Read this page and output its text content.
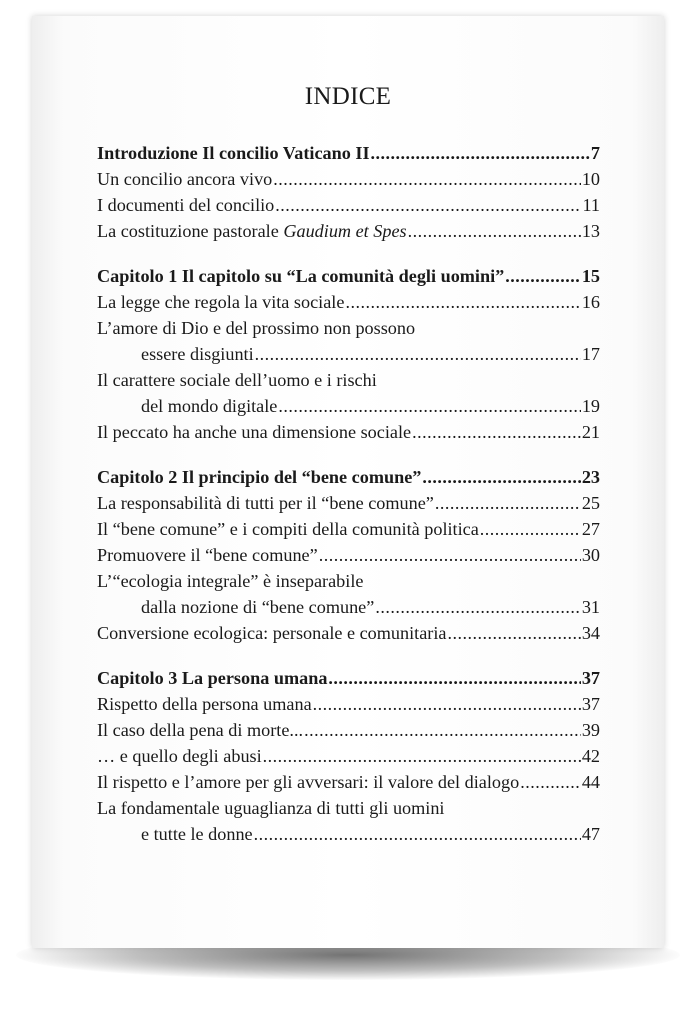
INDICE
Introduzione Il concilio Vaticano II .....	7
Un concilio ancora vivo .....	10
I documenti del concilio .....	11
La costituzione pastorale Gaudium et Spes .....	13
Capitolo 1 Il capitolo su “La comunità degli uomini” .....	15
La legge che regola la vita sociale .....	16
L’amore di Dio e del prossimo non possono
essere disgiunti .....	17
Il carattere sociale dell’uomo e i rischi
del mondo digitale .....	19
Il peccato ha anche una dimensione sociale .....	21
Capitolo 2 Il principio del “bene comune” .....	23
La responsabilità di tutti per il “bene comune” .....	25
Il “bene comune” e i compiti della comunità politica .....	27
Promuovere il “bene comune” .....	30
L’“ecologia integrale” è inseparabile
dalla nozione di “bene comune” .....	31
Conversione ecologica: personale e comunitaria .....	34
Capitolo 3 La persona umana .....	37
Rispetto della persona umana .....	37
Il caso della pena di morte... .....	39
… e quello degli abusi .....	42
Il rispetto e l’amore per gli avversari: il valore del dialogo .....	44
La fondamentale uguaglianza di tutti gli uomini
e tutte le donne .....	47
